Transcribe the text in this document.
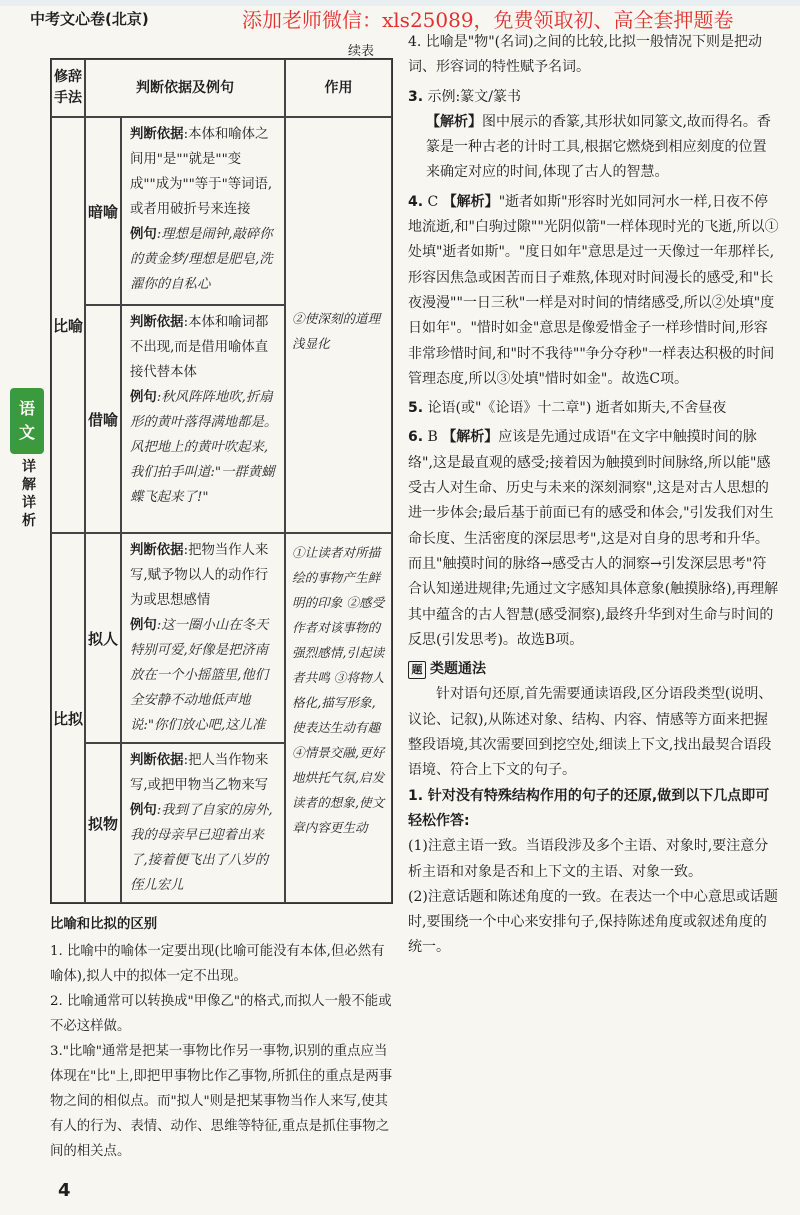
中考文心卷(北京)	添加老师微信：xls25089，免费领取初、高全套押题卷
续表
修辞手法
判断依据及例句	作用
比喻
暗喻
判断依据:本体和喻体之间用"是""就是""变成""成为""等于"等词语,或者用破折号来连接
例句:理想是闹钟,敲碎你的黄金梦/理想是肥皂,洗濯你的自私心
借喻
判断依据:本体和喻词都不出现,而是借用喻体直接代替本体
例句:秋风阵阵地吹,折扇形的黄叶落得满地都是。风把地上的黄叶吹起来,我们拍手叫道:"一群黄蝴蝶飞起来了!"
②使深刻的道理浅显化
比拟
拟人
判断依据:把物当作人来写,赋予物以人的动作行为或思想感情
例句:这一圈小山在冬天特别可爱,好像是把济南放在一个小摇篮里,他们全安静不动地低声地说:"你们放心吧,这儿准
拟物
判断依据:把人当作物来写,或把甲物当乙物来写
例句:我到了自家的房外,我的母亲早已迎着出来了,接着便飞出了八岁的侄儿宏儿
①让读者对所描绘的事物产生鲜明的印象 ②感受作者对该事物的强烈感情,引起读者共鸣 ③将物人格化,描写形象,使表达生动有趣 ④情景交融,更好地烘托气氛,启发读者的想象,使文章内容更生动
比喻和比拟的区别

1. 比喻中的喻体一定要出现(比喻可能没有本体,但必然有喻体),拟人中的拟体一定不出现。

2. 比喻通常可以转换成"甲像乙"的格式,而拟人一般不能或不必这样做。

3."比喻"通常是把某一事物比作另一事物,识别的重点应当体现在"比"上,即把甲事物比作乙事物,所抓住的重点是两事物之间的相似点。而"拟人"则是把某事物当作人来写,使其有人的行为、表情、动作、思维等特征,重点是抓住事物之间的相关点。

4
语
文
详
解
详
析

4. 比喻是"物"(名词)之间的比较,比拟一般情况下则是把动词、形容词的特性赋予名词。

3. 示例:篆文/篆书

【解析】图中展示的香篆,其形状如同篆文,故而得名。香篆是一种古老的计时工具,根据它燃烧到相应刻度的位置来确定对应的时间,体现了古人的智慧。

4. C 【解析】"逝者如斯"形容时光如同河水一样,日夜不停地流逝,和"白驹过隙""光阴似箭"一样体现时光的飞逝,所以①处填"逝者如斯"。"度日如年"意思是过一天像过一年那样长,形容因焦急或困苦而日子难熬,体现对时间漫长的感受,和"长夜漫漫""一日三秋"一样是对时间的情绪感受,所以②处填"度日如年"。"惜时如金"意思是像爱惜金子一样珍惜时间,形容非常珍惜时间,和"时不我待""争分夺秒"一样表达积极的时间管理态度,所以③处填"惜时如金"。故选C项。

5. 论语(或"《论语》十二章") 逝者如斯夫,不舍昼夜

6. B 【解析】应该是先通过成语"在文字中触摸时间的脉络",这是最直观的感受;接着因为触摸到时间脉络,所以能"感受古人对生命、历史与未来的深刻洞察",这是对古人思想的进一步体会;最后基于前面已有的感受和体会,"引发我们对生命长度、生活密度的深层思考",这是对自身的思考和升华。而且"触摸时间的脉络→感受古人的洞察→引发深层思考"符合认知递进规律;先通过文字感知具体意象(触摸脉络),再理解其中蕴含的古人智慧(感受洞察),最终升华到对生命与时间的反思(引发思考)。故选B项。

题 类题通法

针对语句还原,首先需要通读语段,区分语段类型(说明、议论、记叙),从陈述对象、结构、内容、情感等方面来把握整段语境,其次需要回到挖空处,细读上下文,找出最契合语段语境、符合上下文的句子。

1. 针对没有特殊结构作用的句子的还原,做到以下几点即可轻松作答:

(1)注意主语一致。当语段涉及多个主语、对象时,要注意分析主语和对象是否和上下文的主语、对象一致。

(2)注意话题和陈述角度的一致。在表达一个中心意思或话题时,要围绕一个中心来安排句子,保持陈述角度或叙述角度的统一。
